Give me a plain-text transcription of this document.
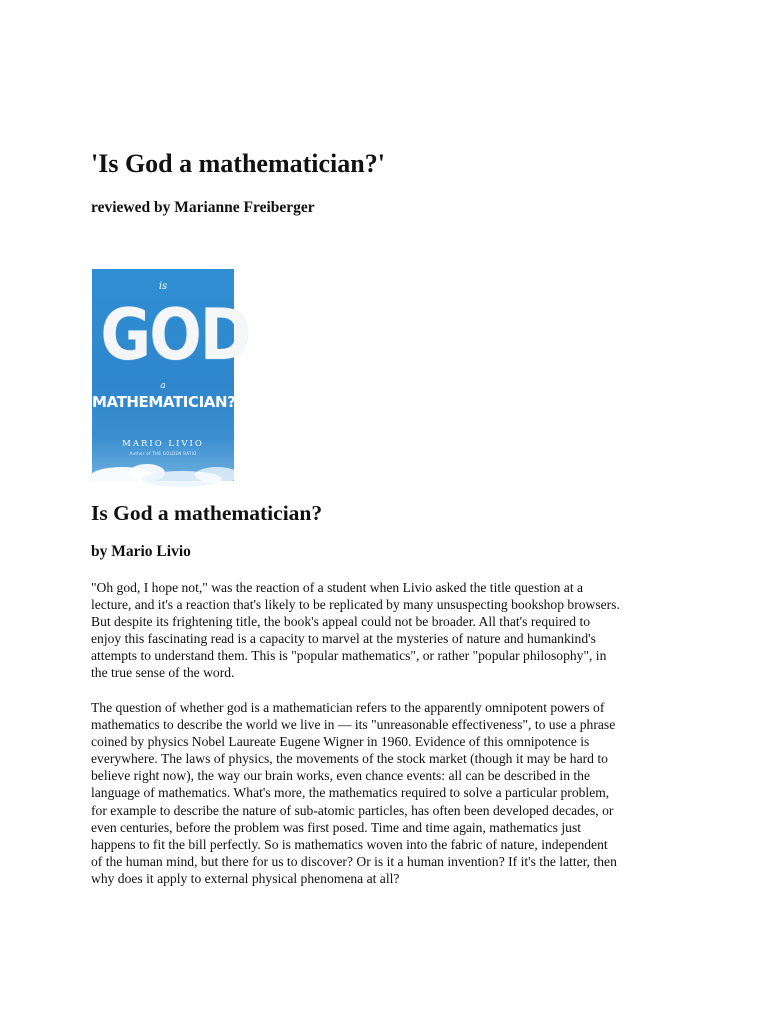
'Is God a mathematician?'

reviewed by Marianne Freiberger

is
GOD
a
MATHEMATICIAN?
MARIO LIVIO
Author of THE GOLDEN RATIO
Is God a mathematician?

by Mario Livio

"Oh god, I hope not," was the reaction of a student when Livio asked the title question at a
lecture, and it's a reaction that's likely to be replicated by many unsuspecting bookshop browsers.
But despite its frightening title, the book's appeal could not be broader. All that's required to
enjoy this fascinating read is a capacity to marvel at the mysteries of nature and humankind's
attempts to understand them. This is "popular mathematics", or rather "popular philosophy", in
the true sense of the word.
The question of whether god is a mathematician refers to the apparently omnipotent powers of
mathematics to describe the world we live in — its "unreasonable effectiveness", to use a phrase
coined by physics Nobel Laureate Eugene Wigner in 1960. Evidence of this omnipotence is
everywhere. The laws of physics, the movements of the stock market (though it may be hard to
believe right now), the way our brain works, even chance events: all can be described in the
language of mathematics. What's more, the mathematics required to solve a particular problem,
for example to describe the nature of sub-atomic particles, has often been developed decades, or
even centuries, before the problem was first posed. Time and time again, mathematics just
happens to fit the bill perfectly. So is mathematics woven into the fabric of nature, independent
of the human mind, but there for us to discover? Or is it a human invention? If it's the latter, then
why does it apply to external physical phenomena at all?
